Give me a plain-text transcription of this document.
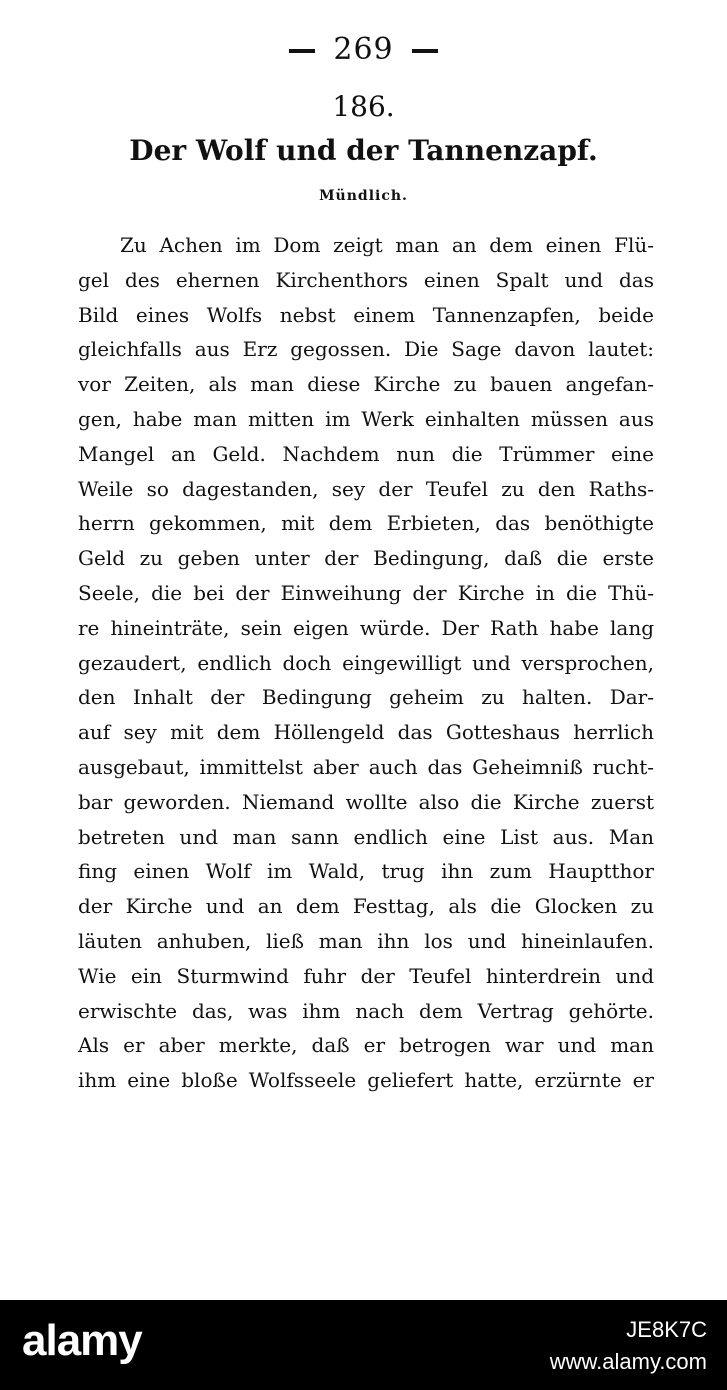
269
186.
Der Wolf und der Tannenzapf.
Mündlich.
Zu Achen im Dom zeigt man an dem einen Flü-
gel des ehernen Kirchenthors einen Spalt und das
Bild eines Wolfs nebst einem Tannenzapfen, beide
gleichfalls aus Erz gegossen. Die Sage davon lautet:
vor Zeiten, als man diese Kirche zu bauen angefan-
gen, habe man mitten im Werk einhalten müssen aus
Mangel an Geld. Nachdem nun die Trümmer eine
Weile so dagestanden, sey der Teufel zu den Raths-
herrn gekommen, mit dem Erbieten, das benöthigte
Geld zu geben unter der Bedingung, daß die erste
Seele, die bei der Einweihung der Kirche in die Thü-
re hineinträte, sein eigen würde. Der Rath habe lang
gezaudert, endlich doch eingewilligt und versprochen,
den Inhalt der Bedingung geheim zu halten. Dar-
auf sey mit dem Höllengeld das Gotteshaus herrlich
ausgebaut, immittelst aber auch das Geheimniß rucht-
bar geworden. Niemand wollte also die Kirche zuerst
betreten und man sann endlich eine List aus. Man
fing einen Wolf im Wald, trug ihn zum Hauptthor
der Kirche und an dem Festtag, als die Glocken zu
läuten anhuben, ließ man ihn los und hineinlaufen.
Wie ein Sturmwind fuhr der Teufel hinterdrein und
erwischte das, was ihm nach dem Vertrag gehörte.
Als er aber merkte, daß er betrogen war und man
ihm eine bloße Wolfsseele geliefert hatte, erzürnte er
alamy	JE8K7C
www.alamy.com
